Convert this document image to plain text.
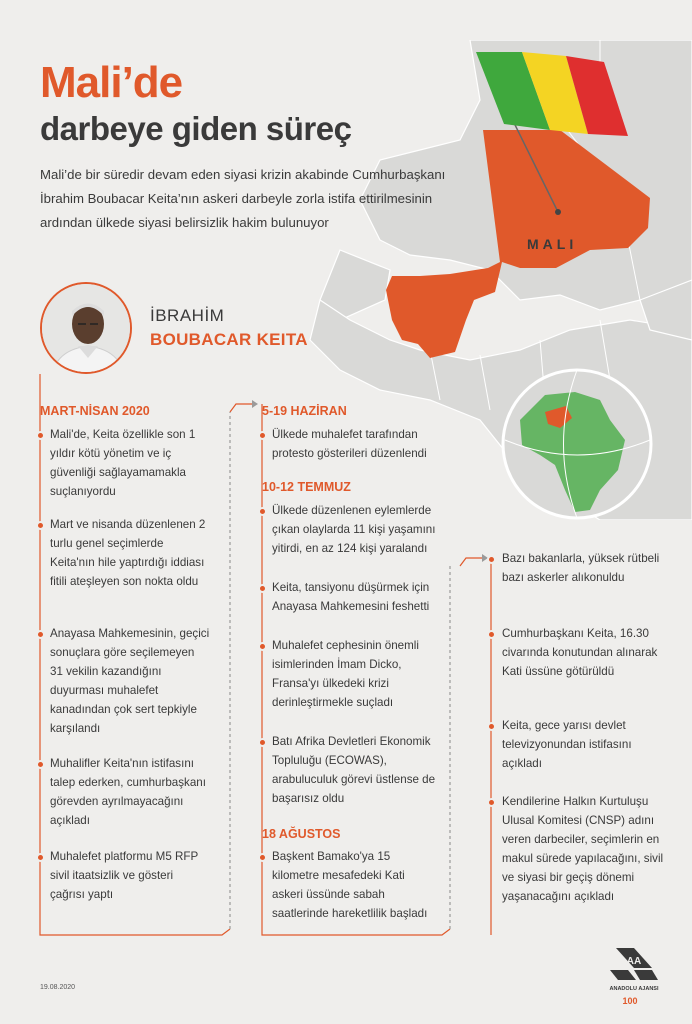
MALI
Mali’de
darbeye giden süreç
Mali’de bir süredir devam eden siyasi krizin akabinde Cumhurbaşkanı İbrahim Boubacar Keita’nın askeri darbeyle zorla istifa ettirilmesinin ardından ülkede siyasi belirsizlik hakim bulunuyor
İBRAHİM
BOUBACAR KEITA
MART-NİSAN 2020
Mali'de, Keita özellikle son 1 yıldır kötü yönetim ve iç güvenliği sağlayamamakla suçlanıyordu
Mart ve nisanda düzenlenen 2 turlu genel seçimlerde Keita'nın hile yaptırdığı iddiası fitili ateşleyen son nokta oldu
Anayasa Mahkemesinin, geçici sonuçlara göre seçilemeyen 31 vekilin kazandığını duyurması muhalefet kanadından çok sert tepkiyle karşılandı
Muhalifler Keita'nın istifasını talep ederken, cumhurbaşkanı görevden ayrılmayacağını açıkladı
Muhalefet platformu M5 RFP sivil itaatsizlik ve gösteri çağrısı yaptı
5-19 HAZİRAN
Ülkede muhalefet tarafından protesto gösterileri düzenlendi
10-12 TEMMUZ
Ülkede düzenlenen eylemlerde çıkan olaylarda 11 kişi yaşamını yitirdi, en az 124 kişi yaralandı
Keita, tansiyonu düşürmek için Anayasa Mahkemesini feshetti
Muhalefet cephesinin önemli isimlerinden İmam Dicko, Fransa'yı ülkedeki krizi derinleştirmekle suçladı
Batı Afrika Devletleri Ekonomik Topluluğu (ECOWAS), arabuluculuk görevi üstlense de başarısız oldu
18 AĞUSTOS
Başkent Bamako'ya 15 kilometre mesafedeki Kati askeri üssünde sabah saatlerinde hareketlilik başladı
Bazı bakanlarla, yüksek rütbeli bazı askerler alıkonuldu
Cumhurbaşkanı Keita, 16.30 civarında konutundan alınarak Kati üssüne götürüldü
Keita, gece yarısı devlet televizyonundan istifasını açıkladı
Kendilerine Halkın Kurtuluşu Ulusal Komitesi (CNSP) adını veren darbeciler, seçimlerin en makul sürede yapılacağını, sivil ve siyasi bir geçiş dönemi yaşanacağını açıkladı
19.08.2020
AA
ANADOLU AJANSI
100
